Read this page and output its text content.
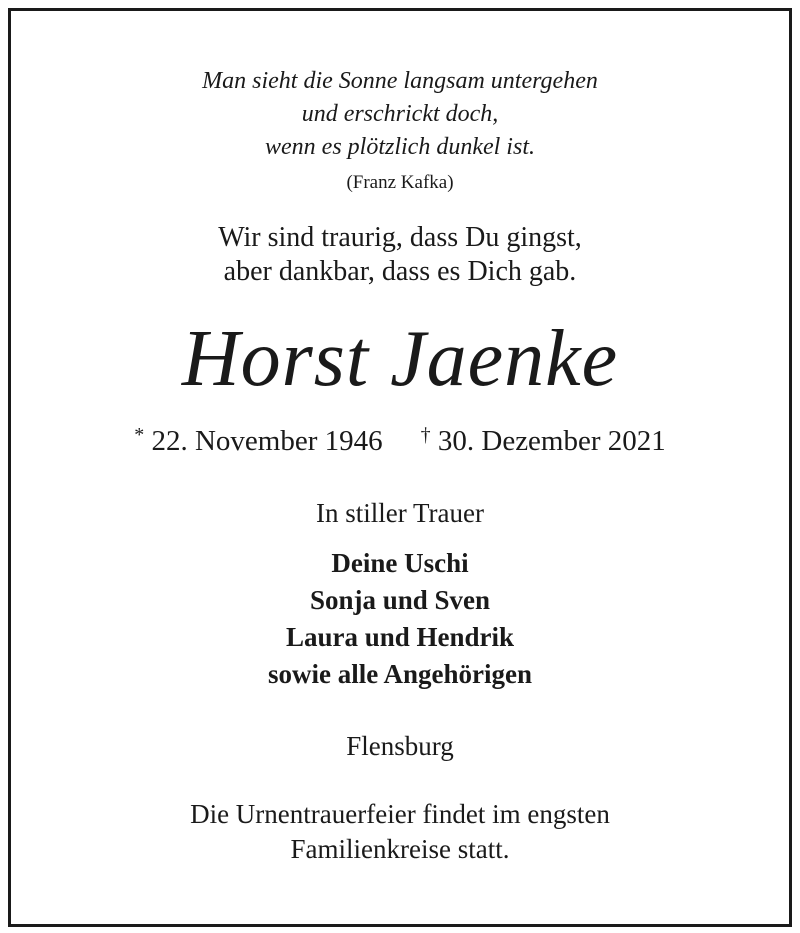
Man sieht die Sonne langsam untergehen
und erschrickt doch,
wenn es plötzlich dunkel ist.
(Franz Kafka)
Wir sind traurig, dass Du gingst,
aber dankbar, dass es Dich gab.
Horst Jaenke
* 22. November 1946 † 30. Dezember 2021
In stiller Trauer
Deine Uschi
Sonja und Sven
Laura und Hendrik
sowie alle Angehörigen
Flensburg
Die Urnentrauerfeier findet im engsten
Familienkreise statt.
